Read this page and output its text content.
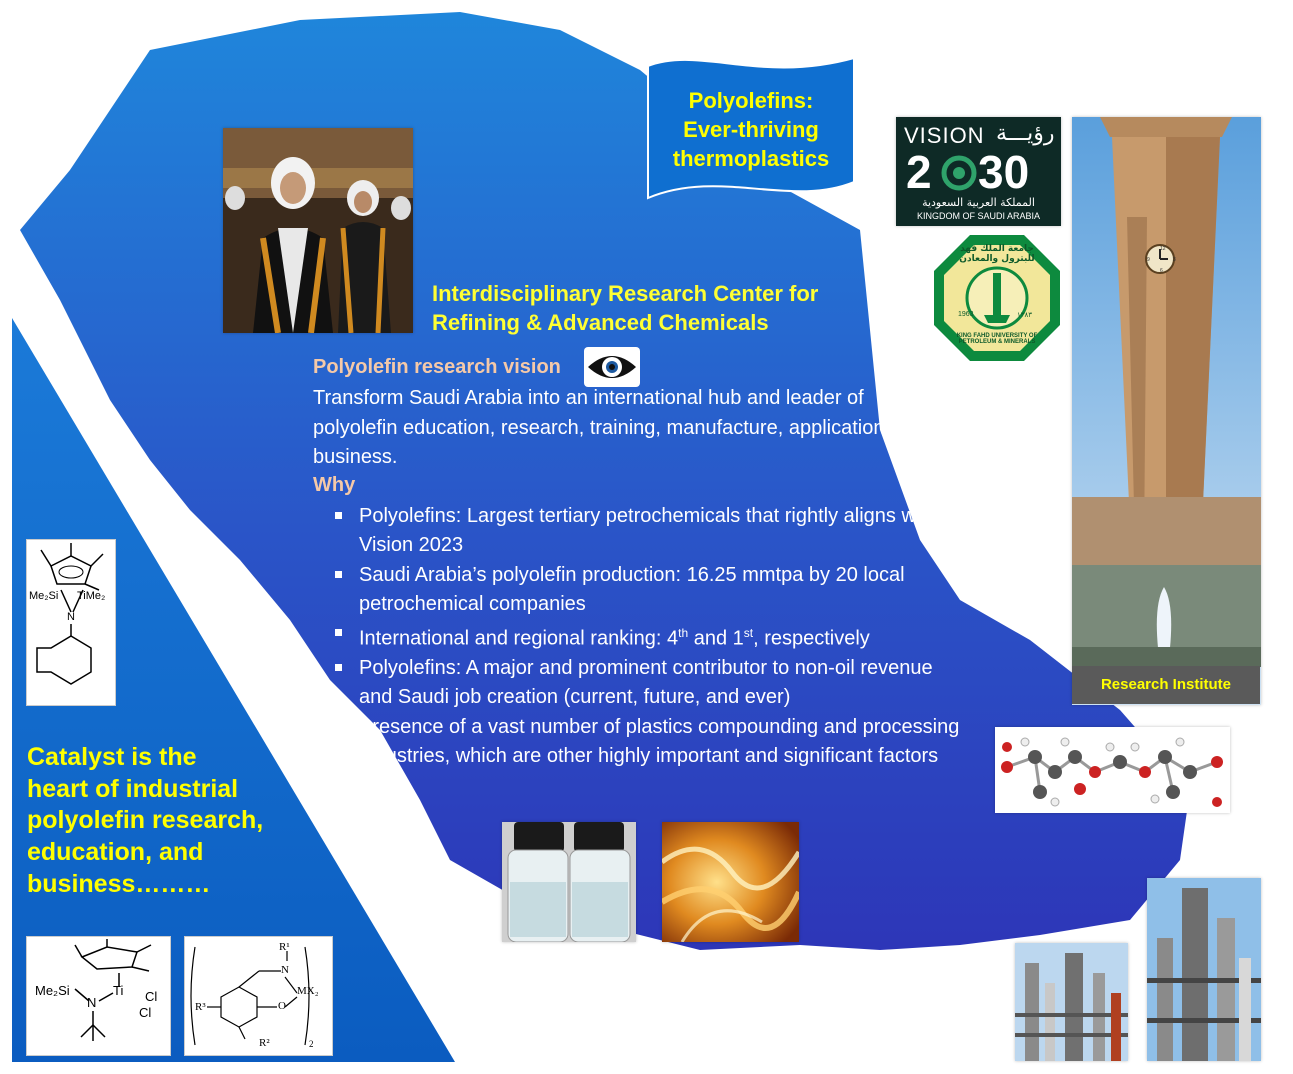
Polyolefins:
Ever-thriving
thermoplastics
VISION رؤيـــة
2 30
المملكة العربية السعودية
KINGDOM OF SAUDI ARABIA
جامعة الملك فهد للبترول والمعادن
KING FAHD UNIVERSITY OF PETROLEUM & MINERALS
1963	١٣٨٣
12
3
6
9
Research Institute
Interdisciplinary Research Center for
Refining & Advanced Chemicals
Polyolefin research vision
Transform Saudi Arabia into an international hub and leader of polyolefin education, research, training, manufacture, application, and business.
Why
Polyolefins: Largest tertiary petrochemicals that rightly aligns with Vision 2023
Saudi Arabia’s polyolefin production: 16.25 mmtpa by 20 local petrochemical companies
International and regional ranking: 4th and 1st, respectively
Polyolefins: A major and prominent contributor to non-oil revenue and Saudi job creation (current, future, and ever)
Presence of a vast number of plastics compounding and processing industries, which are other highly important and significant factors
Me₂Si TiMe₂
N
Catalyst is the
heart of industrial
polyolefin research,
education, and
business………
Me₂Si
N
Ti Cl
Cl
R¹
N
O
MX₂
R³
R²	2
